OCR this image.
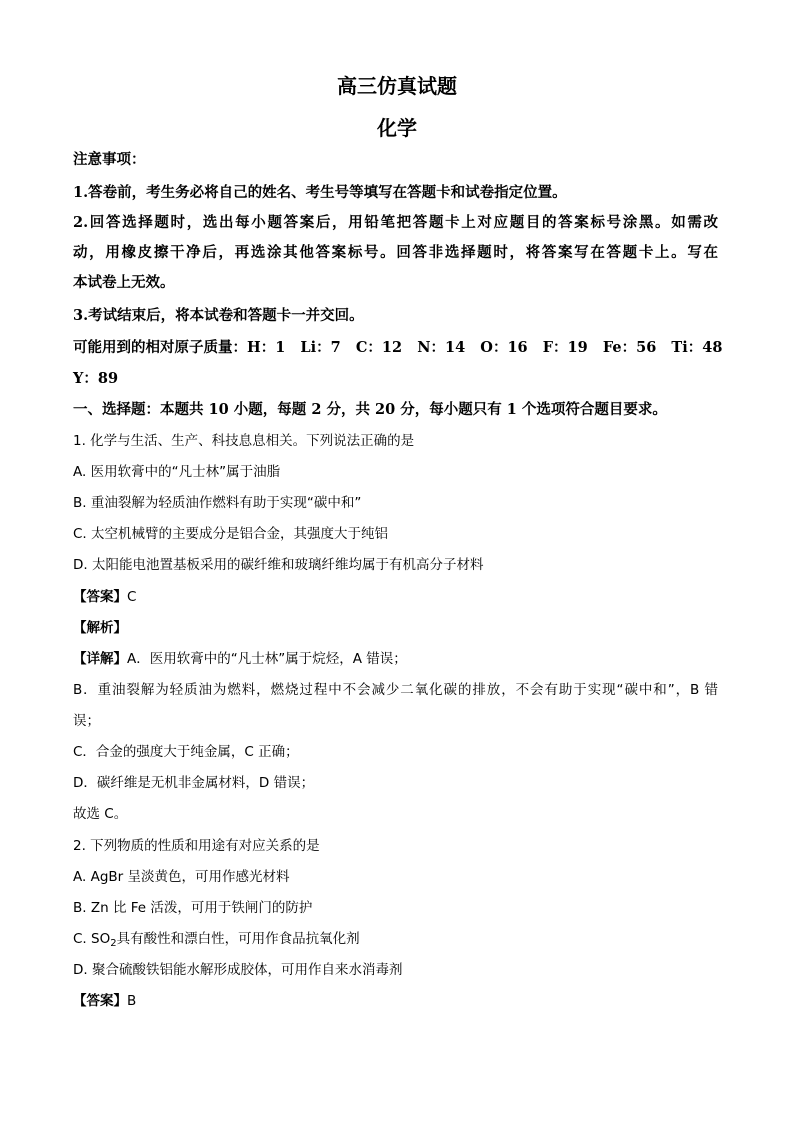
高三仿真试题
化学
注意事项：
1.答卷前，考生务必将自己的姓名、考生号等填写在答题卡和试卷指定位置。
2.回答选择题时，选出每小题答案后，用铅笔把答题卡上对应题目的答案标号涂黑。如需改
动，用橡皮擦干净后，再选涂其他答案标号。回答非选择题时，将答案写在答题卡上。写在
本试卷上无效。
3.考试结束后，将本试卷和答题卡一并交回。
可能用到的相对原子质量：H：1   Li：7   C：12   N：14   O：16   F：19   Fe：56   Ti：48
Y：89
一、选择题：本题共 10 小题，每题 2 分，共 20 分，每小题只有 1 个选项符合题目要求。
1. 化学与生活、生产、科技息息相关。下列说法正确的是
A. 医用软膏中的“凡士林”属于油脂
B. 重油裂解为轻质油作燃料有助于实现“碳中和”
C. 太空机械臂的主要成分是铝合金，其强度大于纯铝
D. 太阳能电池置基板采用的碳纤维和玻璃纤维均属于有机高分子材料
【答案】C
【解析】
【详解】A．医用软膏中的“凡士林”属于烷烃，A 错误；
B．重油裂解为轻质油为燃料，燃烧过程中不会减少二氧化碳的排放，不会有助于实现“碳中和”，B 错
误；
C．合金的强度大于纯金属，C 正确；
D．碳纤维是无机非金属材料，D 错误；
故选 C。
2. 下列物质的性质和用途有对应关系的是
A. AgBr 呈淡黄色，可用作感光材料
B. Zn 比 Fe 活泼，可用于铁闸门的防护
C. $SO_2$具有酸性和漂白性，可用作食品抗氧化剂
D. 聚合硫酸铁铝能水解形成胶体，可用作自来水消毒剂
【答案】B
